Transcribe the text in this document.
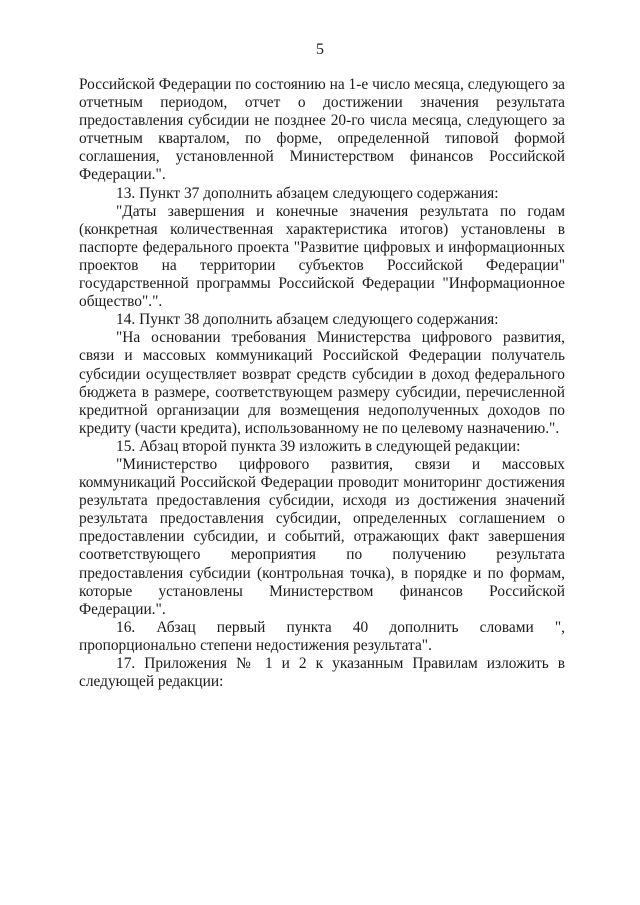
5

Российской Федерации по состоянию на 1-е число месяца, следующего за отчетным периодом, отчет о достижении значения результата предоставления субсидии не позднее 20-го числа месяца, следующего за отчетным кварталом, по форме, определенной типовой формой соглашения, установленной Министерством финансов Российской Федерации.".

13. Пункт 37 дополнить абзацем следующего содержания:

"Даты завершения и конечные значения результата по годам (конкретная количественная характеристика итогов) установлены в паспорте федерального проекта "Развитие цифровых и информационных проектов на территории субъектов Российской Федерации" государственной программы Российской Федерации "Информационное общество".".

14. Пункт 38 дополнить абзацем следующего содержания:

"На основании требования Министерства цифрового развития, связи и массовых коммуникаций Российской Федерации получатель субсидии осуществляет возврат средств субсидии в доход федерального бюджета в размере, соответствующем размеру субсидии, перечисленной кредитной организации для возмещения недополученных доходов по кредиту (части кредита), использованному не по целевому назначению.".

15. Абзац второй пункта 39 изложить в следующей редакции:

"Министерство цифрового развития, связи и массовых коммуникаций Российской Федерации проводит мониторинг достижения результата предоставления субсидии, исходя из достижения значений результата предоставления субсидии, определенных соглашением о предоставлении субсидии, и событий, отражающих факт завершения соответствующего мероприятия по получению результата предоставления субсидии (контрольная точка), в порядке и по формам, которые установлены Министерством финансов Российской Федерации.".

16. Абзац первый пункта 40 дополнить словами ", пропорционально степени недостижения результата".

17. Приложения № 1 и 2 к указанным Правилам изложить в следующей редакции:
